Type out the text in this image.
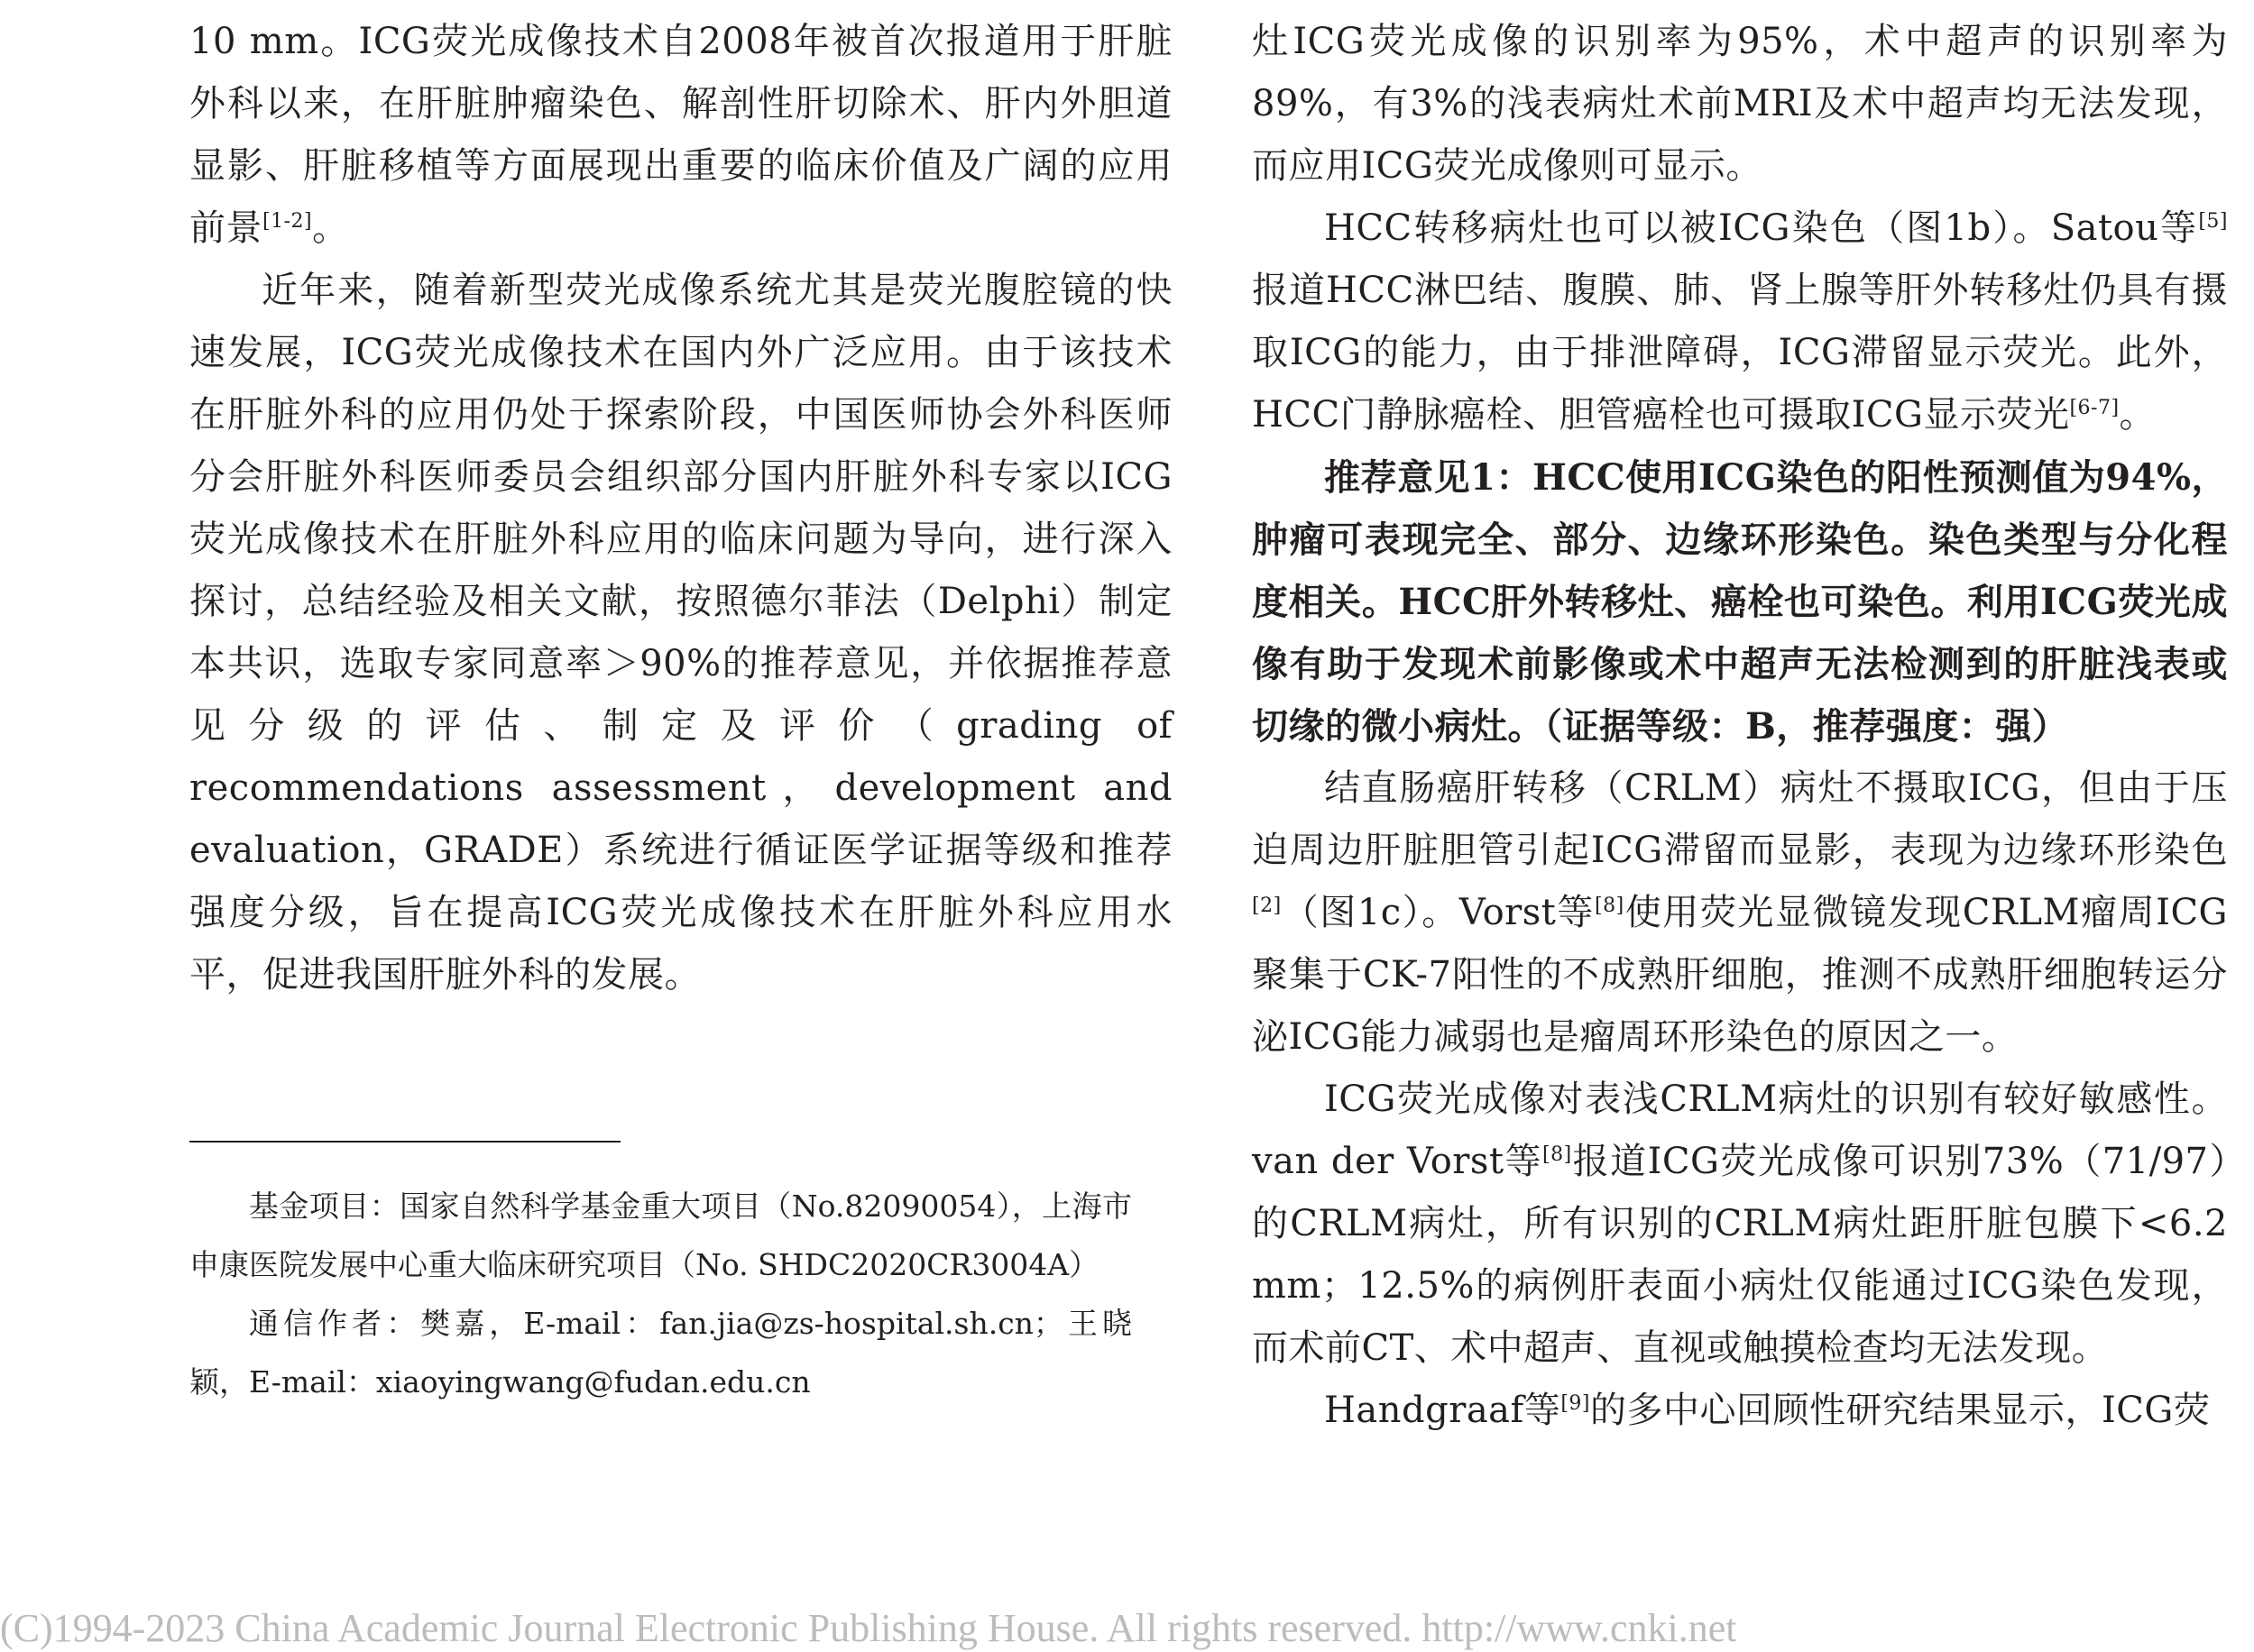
10 mm。ICG荧光成像技术自2008年被首次报道用于肝脏外科以来，在肝脏肿瘤染色、解剖性肝切除术、肝内外胆道显影、肝脏移植等方面展现出重要的临床价值及广阔的应用前景[1-2]。

近年来，随着新型荧光成像系统尤其是荧光腹腔镜的快速发展，ICG荧光成像技术在国内外广泛应用。由于该技术在肝脏外科的应用仍处于探索阶段，中国医师协会外科医师分会肝脏外科医师委员会组织部分国内肝脏外科专家以ICG荧光成像技术在肝脏外科应用的临床问题为导向，进行深入探讨，总结经验及相关文献，按照德尔菲法（Delphi）制定本共识，选取专家同意率＞90%的推荐意见，并依据推荐意见分级的评估、制定及评价（grading of recommendations assessment，development and evaluation，GRADE）系统进行循证医学证据等级和推荐强度分级，旨在提高ICG荧光成像技术在肝脏外科应用水平，促进我国肝脏外科的发展。

基金项目：国家自然科学基金重大项目（No.82090054），上海市申康医院发展中心重大临床研究项目（No. SHDC2020CR3004A）

通信作者：樊嘉，E-mail：fan.jia@zs-hospital.sh.cn；王晓颖，E-mail：xiaoyingwang@fudan.edu.cn

灶ICG荧光成像的识别率为95%，术中超声的识别率为89%，有3%的浅表病灶术前MRI及术中超声均无法发现，而应用ICG荧光成像则可显示。

HCC转移病灶也可以被ICG染色（图1b）。Satou等[5]报道HCC淋巴结、腹膜、肺、肾上腺等肝外转移灶仍具有摄取ICG的能力，由于排泄障碍，ICG滞留显示荧光。此外，HCC门静脉癌栓、胆管癌栓也可摄取ICG显示荧光[6-7]。

推荐意见1：HCC使用ICG染色的阳性预测值为94%，肿瘤可表现完全、部分、边缘环形染色。染色类型与分化程度相关。HCC肝外转移灶、癌栓也可染色。利用ICG荧光成像有助于发现术前影像或术中超声无法检测到的肝脏浅表或切缘的微小病灶。（证据等级：B，推荐强度：强）

结直肠癌肝转移（CRLM）病灶不摄取ICG，但由于压迫周边肝脏胆管引起ICG滞留而显影，表现为边缘环形染色[2]（图1c）。Vorst等[8]使用荧光显微镜发现CRLM瘤周ICG聚集于CK-7阳性的不成熟肝细胞，推测不成熟肝细胞转运分泌ICG能力减弱也是瘤周环形染色的原因之一。

ICG荧光成像对表浅CRLM病灶的识别有较好敏感性。van der Vorst等[8]报道ICG荧光成像可识别73%（71/97）的CRLM病灶，所有识别的CRLM病灶距肝脏包膜下<6.2 mm；12.5%的病例肝表面小病灶仅能通过ICG染色发现，而术前CT、术中超声、直视或触摸检查均无法发现。

Handgraaf等[9]的多中心回顾性研究结果显示，ICG荧

(C)1994-2023 China Academic Journal Electronic Publishing House. All rights reserved. http://www.cnki.net
